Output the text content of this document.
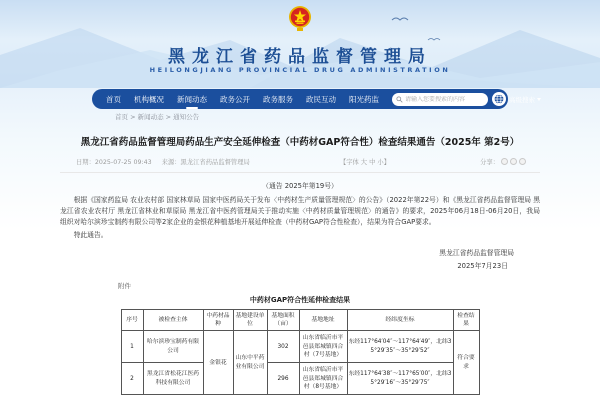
黑龙江省药品监督管理局
HEILONGJIANG PROVINCIAL DRUG ADMINISTRATION
首页 机构概况 新闻动态 政务公开 政务服务 政民互动 阳光药监
请输入您要搜索的内容	高级搜索
首页 > 新闻动态 > 通知公告
黑龙江省药品监督管理局药品生产安全延伸检查（中药材GAP符合性）检查结果通告（2025年 第2号）
日期：2025-07-25 09:43 来源：黑龙江省药品监督管理局	【字体 大 中 小】	分享：
（通告 2025年第19号）
根据《国家药监局 农业农村部 国家林草局 国家中医药局关于发布〈中药材生产质量管理规范〉的公告》（2022年第22号）和《黑龙江省药品监督管理局 黑龙江省农业农村厅 黑龙江省林业和草原局 黑龙江省中医药管理局关于推动实施〈中药材质量管理规范〉的通告》的要求，2025年06月18日-06月20日，我局组织对哈尔滨珍宝制药有限公司等2家企业的金银花种植基地开展延伸检查（中药材GAP符合性检查），结果为符合GAP要求。
特此通告。
黑龙江省药品监督管理局
2025年7月23日
附件
中药材GAP符合性延伸检查结果
序号	被检查主体	中药材品种	基地建设单位	基地面积（亩）	基地地址	经纬度坐标	检查结果
1	哈尔滨珍宝制药有限公司	金银花	山东中平药业有限公司	302	山东省临沂市平邑县郑城镇四合村（7号基地）	东经117°64′04″～117°64′49″，北纬35°29′35″～35°29′52″	符合要求
2	黑龙江省松花江医药科技有限公司			296	山东省临沂市平邑县郑城镇四合村（8号基地）	东经117°64′38″～117°65′00″，北纬35°29′16″～35°29′75″	
